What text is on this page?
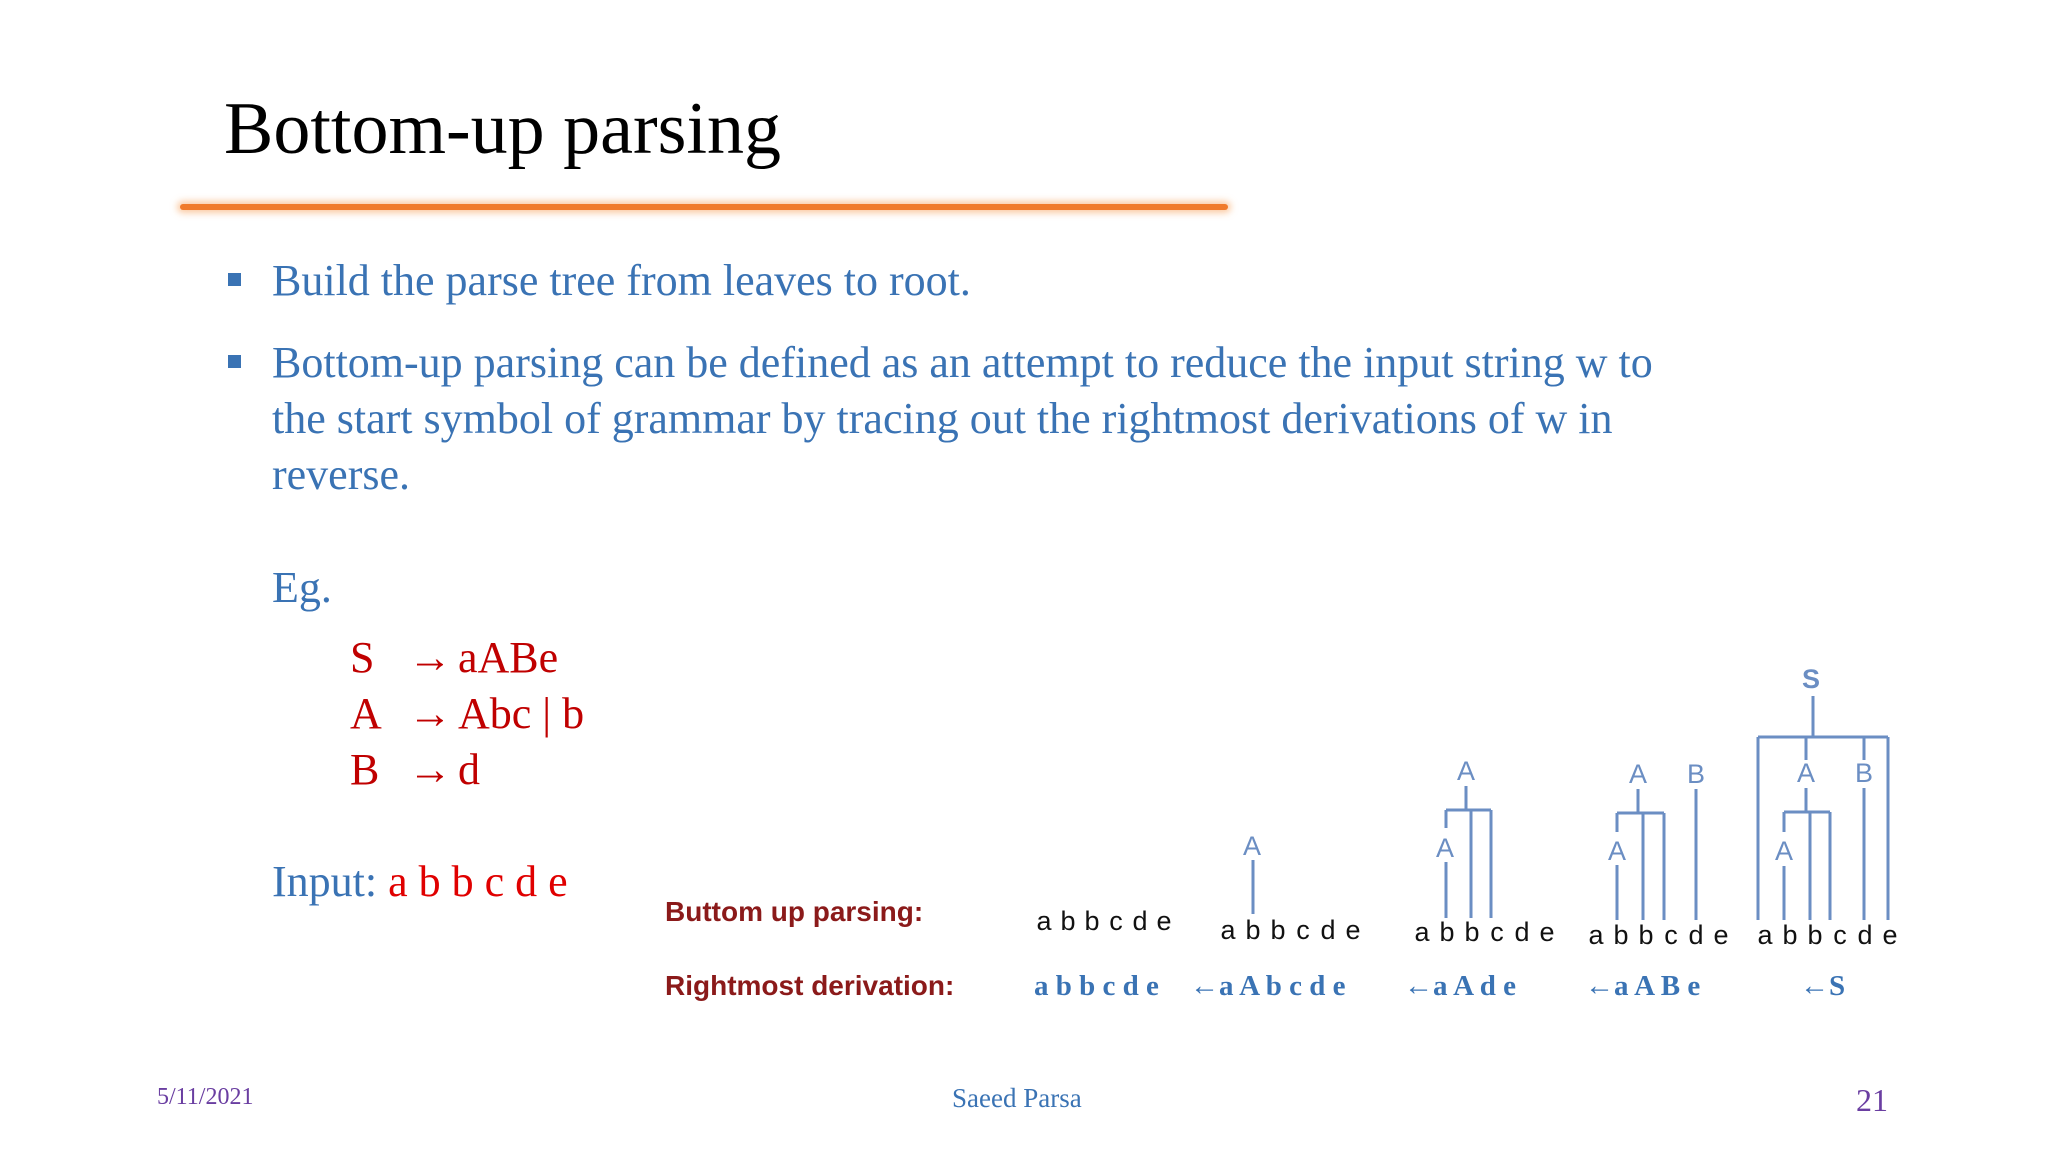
Bottom-up parsing
Build the parse tree from leaves to root.
Bottom-up parsing can be defined as an attempt to reduce the input string w to
the start symbol of grammar by tracing out the rightmost derivations of w in
reverse.
Eg.
S → aABe
A → Abc | b
B → d
Input: a b b c d e
Buttom up parsing:
Rightmost derivation:
a b b c d e a b b c d e a b b c d e a b b c d e a b b c d e
A	A
A
A
A B
S
A B
A
a b b c d e ←a A b c d e ←a A d e ←a A B e	←S
5/11/2021	Saeed Parsa	21
